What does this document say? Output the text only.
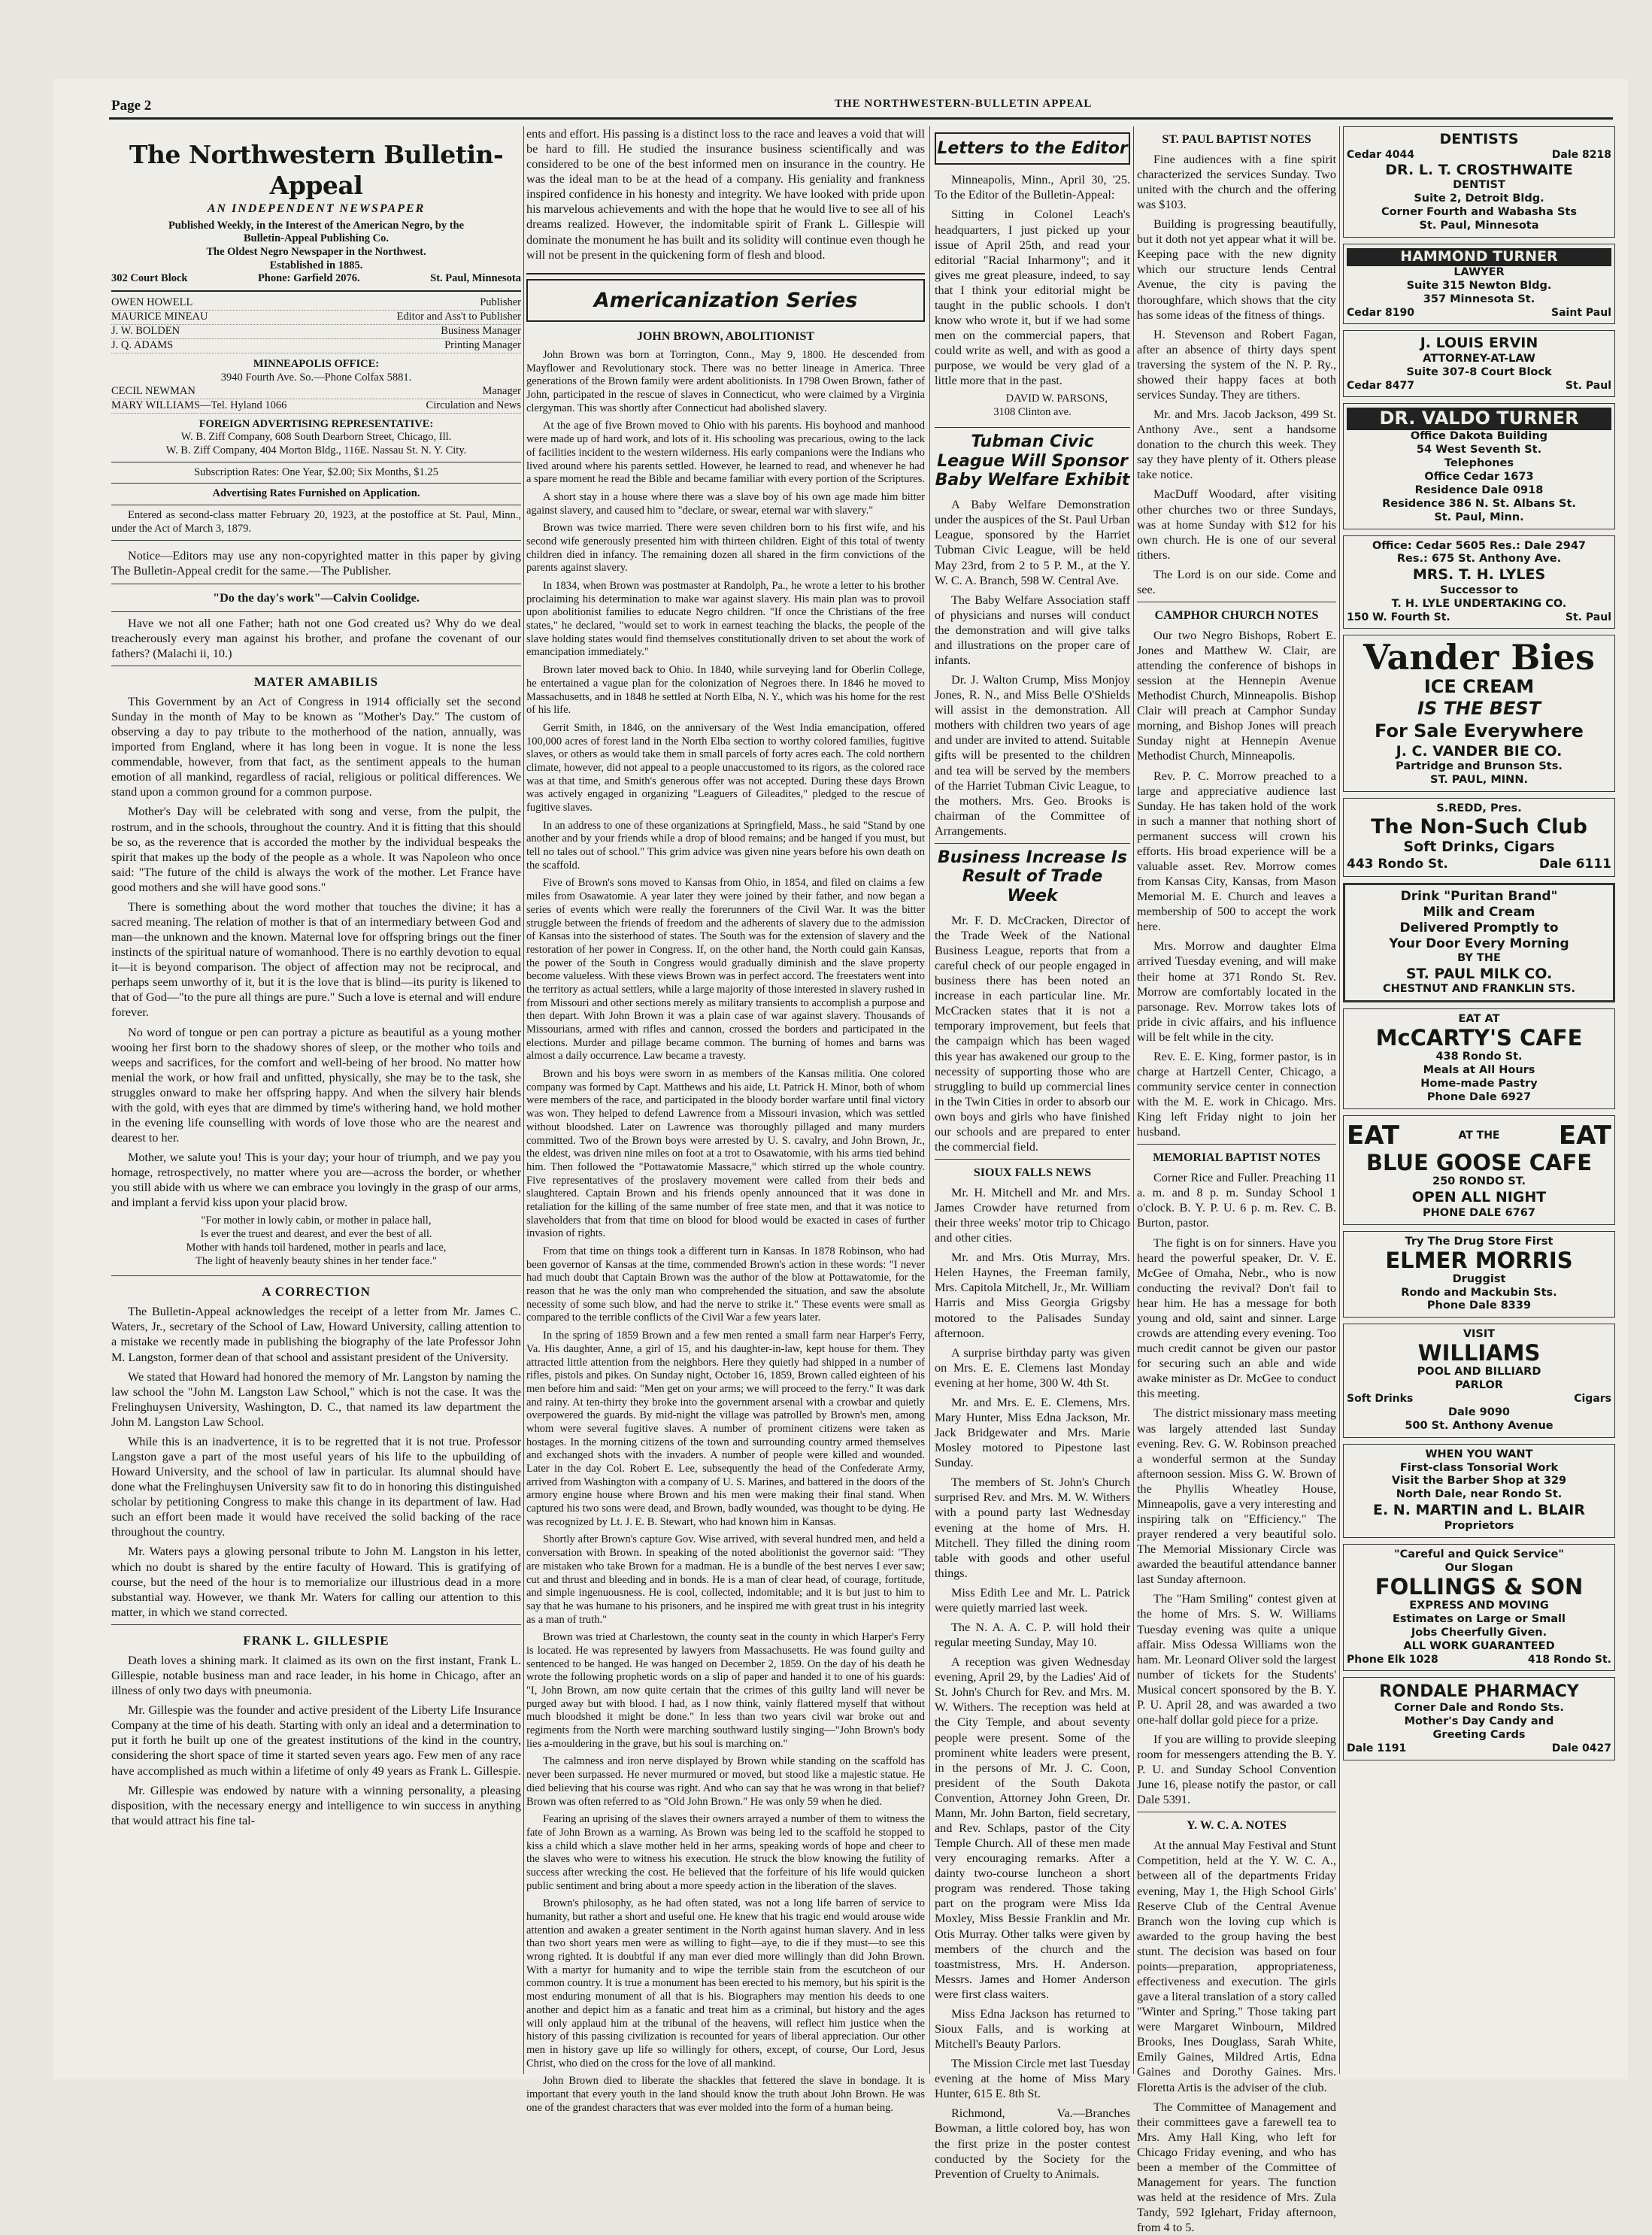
Page 2	THE NORTHWESTERN-BULLETIN APPEAL
The Northwestern Bulletin-Appeal
AN INDEPENDENT NEWSPAPER
Published Weekly, in the Interest of the American Negro, by the
Bulletin-Appeal Publishing Co.
The Oldest Negro Newspaper in the Northwest.
Established in 1885.
302 Court Block	Phone: Garfield 2076.	St. Paul, Minnesota
OWEN HOWELL	Publisher
MAURICE MINEAU	Editor and Ass't to Publisher
J. W. BOLDEN	Business Manager
J. Q. ADAMS	Printing Manager
MINNEAPOLIS OFFICE:
3940 Fourth Ave. So.—Phone Colfax 5881.
CECIL NEWMAN	Manager
MARY WILLIAMS—Tel. Hyland 1066	Circulation and News
FOREIGN ADVERTISING REPRESENTATIVE:
W. B. Ziff Company, 608 South Dearborn Street, Chicago, Ill.
W. B. Ziff Company, 404 Morton Bldg., 116E. Nassau St. N. Y. City.
Subscription Rates: One Year, $2.00; Six Months, $1.25
Advertising Rates Furnished on Application.

Entered as second-class matter February 20, 1923, at the postoffice at St. Paul, Minn., under the Act of March 3, 1879.

Notice—Editors may use any non-copyrighted matter in this paper by giving The Bulletin-Appeal credit for the same.—The Publisher.

"Do the day's work"—Calvin Coolidge.

Have we not all one Father; hath not one God created us? Why do we deal treacherously every man against his brother, and profane the covenant of our fathers? (Malachi ii, 10.)

MATER AMABILIS

This Government by an Act of Congress in 1914 officially set the second Sunday in the month of May to be known as "Mother's Day." The custom of observing a day to pay tribute to the motherhood of the nation, annually, was imported from England, where it has long been in vogue. It is none the less commendable, however, from that fact, as the sentiment appeals to the human emotion of all mankind, regardless of racial, religious or political differences. We stand upon a common ground for a common purpose.

Mother's Day will be celebrated with song and verse, from the pulpit, the rostrum, and in the schools, throughout the country. And it is fitting that this should be so, as the reverence that is accorded the mother by the individual bespeaks the spirit that makes up the body of the people as a whole. It was Napoleon who once said: "The future of the child is always the work of the mother. Let France have good mothers and she will have good sons."

There is something about the word mother that touches the divine; it has a sacred meaning. The relation of mother is that of an intermediary between God and man—the unknown and the known. Maternal love for offspring brings out the finer instincts of the spiritual nature of womanhood. There is no earthly devotion to equal it—it is beyond comparison. The object of affection may not be reciprocal, and perhaps seem unworthy of it, but it is the love that is blind—its purity is likened to that of God—"to the pure all things are pure." Such a love is eternal and will endure forever.

No word of tongue or pen can portray a picture as beautiful as a young mother wooing her first born to the shadowy shores of sleep, or the mother who toils and weeps and sacrifices, for the comfort and well-being of her brood. No matter how menial the work, or how frail and unfitted, physically, she may be to the task, she struggles onward to make her offspring happy. And when the silvery hair blends with the gold, with eyes that are dimmed by time's withering hand, we hold mother in the evening life counselling with words of love those who are the nearest and dearest to her.

Mother, we salute you! This is your day; your hour of triumph, and we pay you homage, retrospectively, no matter where you are—across the border, or whether you still abide with us where we can embrace you lovingly in the grasp of our arms, and implant a fervid kiss upon your placid brow.

"For mother in lowly cabin, or mother in palace hall,
Is ever the truest and dearest, and ever the best of all.
Mother with hands toil hardened, mother in pearls and lace,
The light of heavenly beauty shines in her tender face."
A CORRECTION

The Bulletin-Appeal acknowledges the receipt of a letter from Mr. James C. Waters, Jr., secretary of the School of Law, Howard University, calling attention to a mistake we recently made in publishing the biography of the late Professor John M. Langston, former dean of that school and assistant president of the University.

We stated that Howard had honored the memory of Mr. Langston by naming the law school the "John M. Langston Law School," which is not the case. It was the Frelinghuysen University, Washington, D. C., that named its law department the John M. Langston Law School.

While this is an inadvertence, it is to be regretted that it is not true. Professor Langston gave a part of the most useful years of his life to the upbuilding of Howard University, and the school of law in particular. Its alumnal should have done what the Frelinghuysen University saw fit to do in honoring this distinguished scholar by petitioning Congress to make this change in its department of law. Had such an effort been made it would have received the solid backing of the race throughout the country.

Mr. Waters pays a glowing personal tribute to John M. Langston in his letter, which no doubt is shared by the entire faculty of Howard. This is gratifying of course, but the need of the hour is to memorialize our illustrious dead in a more substantial way. However, we thank Mr. Waters for calling our attention to this matter, in which we stand corrected.

FRANK L. GILLESPIE

Death loves a shining mark. It claimed as its own on the first instant, Frank L. Gillespie, notable business man and race leader, in his home in Chicago, after an illness of only two days with pneumonia.

Mr. Gillespie was the founder and active president of the Liberty Life Insurance Company at the time of his death. Starting with only an ideal and a determination to put it forth he built up one of the greatest institutions of the kind in the country, considering the short space of time it started seven years ago. Few men of any race have accomplished as much within a lifetime of only 49 years as Frank L. Gillespie.

Mr. Gillespie was endowed by nature with a winning personality, a pleasing disposition, with the necessary energy and intelligence to win success in anything that would attract his fine tal-

ents and effort. His passing is a distinct loss to the race and leaves a void that will be hard to fill. He studied the insurance business scientifically and was considered to be one of the best informed men on insurance in the country. He was the ideal man to be at the head of a company. His geniality and frankness inspired confidence in his honesty and integrity. We have looked with pride upon his marvelous achievements and with the hope that he would live to see all of his dreams realized. However, the indomitable spirit of Frank L. Gillespie will dominate the monument he has built and its solidity will continue even though he will not be present in the quickening form of flesh and blood.

Americanization Series
JOHN BROWN, ABOLITIONIST

John Brown was born at Torrington, Conn., May 9, 1800. He descended from Mayflower and Revolutionary stock. There was no better lineage in America. Three generations of the Brown family were ardent abolitionists. In 1798 Owen Brown, father of John, participated in the rescue of slaves in Connecticut, who were claimed by a Virginia clergyman. This was shortly after Connecticut had abolished slavery.

At the age of five Brown moved to Ohio with his parents. His boyhood and manhood were made up of hard work, and lots of it. His schooling was precarious, owing to the lack of facilities incident to the western wilderness. His early companions were the Indians who lived around where his parents settled. However, he learned to read, and whenever he had a spare moment he read the Bible and became familiar with every portion of the Scriptures.

A short stay in a house where there was a slave boy of his own age made him bitter against slavery, and caused him to "declare, or swear, eternal war with slavery."

Brown was twice married. There were seven children born to his first wife, and his second wife generously presented him with thirteen children. Eight of this total of twenty children died in infancy. The remaining dozen all shared in the firm convictions of the parents against slavery.

In 1834, when Brown was postmaster at Randolph, Pa., he wrote a letter to his brother proclaiming his determination to make war against slavery. His main plan was to provoil upon abolitionist families to educate Negro children. "If once the Christians of the free states," he declared, "would set to work in earnest teaching the blacks, the people of the slave holding states would find themselves constitutionally driven to set about the work of emancipation immediately."

Brown later moved back to Ohio. In 1840, while surveying land for Oberlin College, he entertained a vague plan for the colonization of Negroes there. In 1846 he moved to Massachusetts, and in 1848 he settled at North Elba, N. Y., which was his home for the rest of his life.

Gerrit Smith, in 1846, on the anniversary of the West India emancipation, offered 100,000 acres of forest land in the North Elba section to worthy colored families, fugitive slaves, or others as would take them in small parcels of forty acres each. The cold northern climate, however, did not appeal to a people unaccustomed to its rigors, as the colored race was at that time, and Smith's generous offer was not accepted. During these days Brown was actively engaged in organizing "Leaguers of Gileadites," pledged to the rescue of fugitive slaves.

In an address to one of these organizations at Springfield, Mass., he said "Stand by one another and by your friends while a drop of blood remains; and be hanged if you must, but tell no tales out of school." This grim advice was given nine years before his own death on the scaffold.

Five of Brown's sons moved to Kansas from Ohio, in 1854, and filed on claims a few miles from Osawatomie. A year later they were joined by their father, and now began a series of events which were really the forerunners of the Civil War. It was the bitter struggle between the friends of freedom and the adherents of slavery due to the admission of Kansas into the sisterhood of states. The South was for the extension of slavery and the restoration of her power in Congress. If, on the other hand, the North could gain Kansas, the power of the South in Congress would gradually diminish and the slave property become valueless. With these views Brown was in perfect accord. The freestaters went into the territory as actual settlers, while a large majority of those interested in slavery rushed in from Missouri and other sections merely as military transients to accomplish a purpose and then depart. With John Brown it was a plain case of war against slavery. Thousands of Missourians, armed with rifles and cannon, crossed the borders and participated in the elections. Murder and pillage became common. The burning of homes and barns was almost a daily occurrence. Law became a travesty.

Brown and his boys were sworn in as members of the Kansas militia. One colored company was formed by Capt. Matthews and his aide, Lt. Patrick H. Minor, both of whom were members of the race, and participated in the bloody border warfare until final victory was won. They helped to defend Lawrence from a Missouri invasion, which was settled without bloodshed. Later on Lawrence was thoroughly pillaged and many murders committed. Two of the Brown boys were arrested by U. S. cavalry, and John Brown, Jr., the eldest, was driven nine miles on foot at a trot to Osawatomie, with his arms tied behind him. Then followed the "Pottawatomie Massacre," which stirred up the whole country. Five representatives of the proslavery movement were called from their beds and slaughtered. Captain Brown and his friends openly announced that it was done in retaliation for the killing of the same number of free state men, and that it was notice to slaveholders that from that time on blood for blood would be exacted in cases of further invasion of rights.

From that time on things took a different turn in Kansas. In 1878 Robinson, who had been governor of Kansas at the time, commended Brown's action in these words: "I never had much doubt that Captain Brown was the author of the blow at Pottawatomie, for the reason that he was the only man who comprehended the situation, and saw the absolute necessity of some such blow, and had the nerve to strike it." These events were small as compared to the terrible conflicts of the Civil War a few years later.

In the spring of 1859 Brown and a few men rented a small farm near Harper's Ferry, Va. His daughter, Anne, a girl of 15, and his daughter-in-law, kept house for them. They attracted little attention from the neighbors. Here they quietly had shipped in a number of rifles, pistols and pikes. On Sunday night, October 16, 1859, Brown called eighteen of his men before him and said: "Men get on your arms; we will proceed to the ferry." It was dark and rainy. At ten-thirty they broke into the government arsenal with a crowbar and quietly overpowered the guards. By mid-night the village was patrolled by Brown's men, among whom were several fugitive slaves. A number of prominent citizens were taken as hostages. In the morning citizens of the town and surrounding country armed themselves and exchanged shots with the invaders. A number of people were killed and wounded. Later in the day Col. Robert E. Lee, subsequently the head of the Confederate Army, arrived from Washington with a company of U. S. Marines, and battered in the doors of the armory engine house where Brown and his men were making their final stand. When captured his two sons were dead, and Brown, badly wounded, was thought to be dying. He was recognized by Lt. J. E. B. Stewart, who had known him in Kansas.

Shortly after Brown's capture Gov. Wise arrived, with several hundred men, and held a conversation with Brown. In speaking of the noted abolitionist the governor said: "They are mistaken who take Brown for a madman. He is a bundle of the best nerves I ever saw; cut and thrust and bleeding and in bonds. He is a man of clear head, of courage, fortitude, and simple ingenuousness. He is cool, collected, indomitable; and it is but just to him to say that he was humane to his prisoners, and he inspired me with great trust in his integrity as a man of truth."

Brown was tried at Charlestown, the county seat in the county in which Harper's Ferry is located. He was represented by lawyers from Massachusetts. He was found guilty and sentenced to be hanged. He was hanged on December 2, 1859. On the day of his death he wrote the following prophetic words on a slip of paper and handed it to one of his guards: "I, John Brown, am now quite certain that the crimes of this guilty land will never be purged away but with blood. I had, as I now think, vainly flattered myself that without much bloodshed it might be done." In less than two years civil war broke out and regiments from the North were marching southward lustily singing—"John Brown's body lies a-mouldering in the grave, but his soul is marching on."

The calmness and iron nerve displayed by Brown while standing on the scaffold has never been surpassed. He never murmured or moved, but stood like a majestic statue. He died believing that his course was right. And who can say that he was wrong in that belief? Brown was often referred to as "Old John Brown." He was only 59 when he died.

Fearing an uprising of the slaves their owners arrayed a number of them to witness the fate of John Brown as a warning. As Brown was being led to the scaffold he stopped to kiss a child which a slave mother held in her arms, speaking words of hope and cheer to the slaves who were to witness his execution. He struck the blow knowing the futility of success after wrecking the cost. He believed that the forfeiture of his life would quicken public sentiment and bring about a more speedy action in the liberation of the slaves.

Brown's philosophy, as he had often stated, was not a long life barren of service to humanity, but rather a short and useful one. He knew that his tragic end would arouse wide attention and awaken a greater sentiment in the North against human slavery. And in less than two short years men were as willing to fight—aye, to die if they must—to see this wrong righted. It is doubtful if any man ever died more willingly than did John Brown. With a martyr for humanity and to wipe the terrible stain from the escutcheon of our common country. It is true a monument has been erected to his memory, but his spirit is the most enduring monument of all that is his. Biographers may mention his deeds to one another and depict him as a fanatic and treat him as a criminal, but history and the ages will only applaud him at the tribunal of the heavens, will reflect him justice when the history of this passing civilization is recounted for years of liberal appreciation. Our other men in history gave up life so willingly for others, except, of course, Our Lord, Jesus Christ, who died on the cross for the love of all mankind.

John Brown died to liberate the shackles that fettered the slave in bondage. It is important that every youth in the land should know the truth about John Brown. He was one of the grandest characters that was ever molded into the form of a human being.

Letters to the Editor

Minneapolis, Minn., April 30, '25. To the Editor of the Bulletin-Appeal:

Sitting in Colonel Leach's headquarters, I just picked up your issue of April 25th, and read your editorial "Racial Inharmony"; and it gives me great pleasure, indeed, to say that I think your editorial might be taught in the public schools. I don't know who wrote it, but if we had some men on the commercial papers, that could write as well, and with as good a purpose, we would be very glad of a little more that in the past.

DAVID W. PARSONS,
3108 Clinton ave.
Tubman Civic League Will Sponsor Baby Welfare Exhibit

A Baby Welfare Demonstration under the auspices of the St. Paul Urban League, sponsored by the Harriet Tubman Civic League, will be held May 23rd, from 2 to 5 P. M., at the Y. W. C. A. Branch, 598 W. Central Ave.

The Baby Welfare Association staff of physicians and nurses will conduct the demonstration and will give talks and illustrations on the proper care of infants.

Dr. J. Walton Crump, Miss Monjoy Jones, R. N., and Miss Belle O'Shields will assist in the demonstration. All mothers with children two years of age and under are invited to attend. Suitable gifts will be presented to the children and tea will be served by the members of the Harriet Tubman Civic League, to the mothers. Mrs. Geo. Brooks is chairman of the Committee of Arrangements.

Business Increase Is Result of Trade Week

Mr. F. D. McCracken, Director of the Trade Week of the National Business League, reports that from a careful check of our people engaged in business there has been noted an increase in each particular line. Mr. McCracken states that it is not a temporary improvement, but feels that the campaign which has been waged this year has awakened our group to the necessity of supporting those who are struggling to build up commercial lines in the Twin Cities in order to absorb our own boys and girls who have finished our schools and are prepared to enter the commercial field.

SIOUX FALLS NEWS

Mr. H. Mitchell and Mr. and Mrs. James Crowder have returned from their three weeks' motor trip to Chicago and other cities.

Mr. and Mrs. Otis Murray, Mrs. Helen Haynes, the Freeman family, Mrs. Capitola Mitchell, Jr., Mr. William Harris and Miss Georgia Grigsby motored to the Palisades Sunday afternoon.

A surprise birthday party was given on Mrs. E. E. Clemens last Monday evening at her home, 300 W. 4th St.

Mr. and Mrs. E. E. Clemens, Mrs. Mary Hunter, Miss Edna Jackson, Mr. Jack Bridgewater and Mrs. Marie Mosley motored to Pipestone last Sunday.

The members of St. John's Church surprised Rev. and Mrs. M. W. Withers with a pound party last Wednesday evening at the home of Mrs. H. Mitchell. They filled the dining room table with goods and other useful things.

Miss Edith Lee and Mr. L. Patrick were quietly married last week.

The N. A. A. C. P. will hold their regular meeting Sunday, May 10.

A reception was given Wednesday evening, April 29, by the Ladies' Aid of St. John's Church for Rev. and Mrs. M. W. Withers. The reception was held at the City Temple, and about seventy people were present. Some of the prominent white leaders were present, in the persons of Mr. J. C. Coon, president of the South Dakota Convention, Attorney John Green, Dr. Mann, Mr. John Barton, field secretary, and Rev. Schlaps, pastor of the City Temple Church. All of these men made very encouraging remarks. After a dainty two-course luncheon a short program was rendered. Those taking part on the program were Miss Ida Moxley, Miss Bessie Franklin and Mr. Otis Murray. Other talks were given by members of the church and the toastmistress, Mrs. H. Anderson. Messrs. James and Homer Anderson were first class waiters.

Miss Edna Jackson has returned to Sioux Falls, and is working at Mitchell's Beauty Parlors.

The Mission Circle met last Tuesday evening at the home of Miss Mary Hunter, 615 E. 8th St.

Richmond, Va.—Branches Bowman, a little colored boy, has won the first prize in the poster contest conducted by the Society for the Prevention of Cruelty to Animals.

ST. PAUL BAPTIST NOTES

Fine audiences with a fine spirit characterized the services Sunday. Two united with the church and the offering was $103.

Building is progressing beautifully, but it doth not yet appear what it will be. Keeping pace with the new dignity which our structure lends Central Avenue, the city is paving the thoroughfare, which shows that the city has some ideas of the fitness of things.

H. Stevenson and Robert Fagan, after an absence of thirty days spent traversing the system of the N. P. Ry., showed their happy faces at both services Sunday. They are tithers.

Mr. and Mrs. Jacob Jackson, 499 St. Anthony Ave., sent a handsome donation to the church this week. They say they have plenty of it. Others please take notice.

MacDuff Woodard, after visiting other churches two or three Sundays, was at home Sunday with $12 for his own church. He is one of our several tithers.

The Lord is on our side. Come and see.

CAMPHOR CHURCH NOTES

Our two Negro Bishops, Robert E. Jones and Matthew W. Clair, are attending the conference of bishops in session at the Hennepin Avenue Methodist Church, Minneapolis. Bishop Clair will preach at Camphor Sunday morning, and Bishop Jones will preach Sunday night at Hennepin Avenue Methodist Church, Minneapolis.

Rev. P. C. Morrow preached to a large and appreciative audience last Sunday. He has taken hold of the work in such a manner that nothing short of permanent success will crown his efforts. His broad experience will be a valuable asset. Rev. Morrow comes from Kansas City, Kansas, from Mason Memorial M. E. Church and leaves a membership of 500 to accept the work here.

Mrs. Morrow and daughter Elma arrived Tuesday evening, and will make their home at 371 Rondo St. Rev. Morrow are comfortably located in the parsonage. Rev. Morrow takes lots of pride in civic affairs, and his influence will be felt while in the city.

Rev. E. E. King, former pastor, is in charge at Hartzell Center, Chicago, a community service center in connection with the M. E. work in Chicago. Mrs. King left Friday night to join her husband.

MEMORIAL BAPTIST NOTES

Corner Rice and Fuller. Preaching 11 a. m. and 8 p. m. Sunday School 1 o'clock. B. Y. P. U. 6 p. m. Rev. C. B. Burton, pastor.

The fight is on for sinners. Have you heard the powerful speaker, Dr. V. E. McGee of Omaha, Nebr., who is now conducting the revival? Don't fail to hear him. He has a message for both young and old, saint and sinner. Large crowds are attending every evening. Too much credit cannot be given our pastor for securing such an able and wide awake minister as Dr. McGee to conduct this meeting.

The district missionary mass meeting was largely attended last Sunday evening. Rev. G. W. Robinson preached a wonderful sermon at the Sunday afternoon session. Miss G. W. Brown of the Phyllis Wheatley House, Minneapolis, gave a very interesting and inspiring talk on "Efficiency." The prayer rendered a very beautiful solo. The Memorial Missionary Circle was awarded the beautiful attendance banner last Sunday afternoon.

The "Ham Smiling" contest given at the home of Mrs. S. W. Williams Tuesday evening was quite a unique affair. Miss Odessa Williams won the ham. Mr. Leonard Oliver sold the largest number of tickets for the Students' Musical concert sponsored by the B. Y. P. U. April 28, and was awarded a two one-half dollar gold piece for a prize.

If you are willing to provide sleeping room for messengers attending the B. Y. P. U. and Sunday School Convention June 16, please notify the pastor, or call Dale 5391.

Y. W. C. A. NOTES

At the annual May Festival and Stunt Competition, held at the Y. W. C. A., between all of the departments Friday evening, May 1, the High School Girls' Reserve Club of the Central Avenue Branch won the loving cup which is awarded to the group having the best stunt. The decision was based on four points—preparation, appropriateness, effectiveness and execution. The girls gave a literal translation of a story called "Winter and Spring." Those taking part were Margaret Winbourn, Mildred Brooks, Ines Douglass, Sarah White, Emily Gaines, Mildred Artis, Edna Gaines and Dorothy Gaines. Mrs. Floretta Artis is the adviser of the club.

The Committee of Management and their committees gave a farewell tea to Mrs. Amy Hall King, who left for Chicago Friday evening, and who has been a member of the Committee of Management for years. The function was held at the residence of Mrs. Zula Tandy, 592 Iglehart, Friday afternoon, from 4 to 5.

DENTISTS
Cedar 4044	Dale 8218
DR. L. T. CROSTHWAITE
DENTIST
Suite 2, Detroit Bldg.
Corner Fourth and Wabasha Sts
St. Paul, Minnesota
HAMMOND TURNER
LAWYER
Suite 315 Newton Bldg.
357 Minnesota St.
Cedar 8190	Saint Paul
J. LOUIS ERVIN
ATTORNEY-AT-LAW
Suite 307-8 Court Block
Cedar 8477	St. Paul
DR. VALDO TURNER
Office Dakota Building
54 West Seventh St.
Telephones
Office Cedar 1673
Residence Dale 0918
Residence 386 N. St. Albans St.
St. Paul, Minn.
Office: Cedar 5605 Res.: Dale 2947
Res.: 675 St. Anthony Ave.
MRS. T. H. LYLES
Successor to
T. H. LYLE UNDERTAKING CO.
150 W. Fourth St.	St. Paul
Vander Bies
ICE CREAM
IS THE BEST
For Sale Everywhere
J. C. VANDER BIE CO.
Partridge and Brunson Sts.
ST. PAUL, MINN.
S.REDD, Pres.
The Non-Such Club
Soft Drinks, Cigars
443 Rondo St.	Dale 6111
Drink "Puritan Brand"
Milk and Cream
Delivered Promptly to
Your Door Every Morning
BY THE
ST. PAUL MILK CO.
CHESTNUT AND FRANKLIN STS.
EAT AT
McCARTY'S CAFE
438 Rondo St.
Meals at All Hours
Home-made Pastry
Phone Dale 6927
EAT	AT THE EAT
BLUE GOOSE CAFE
250 RONDO ST.
OPEN ALL NIGHT
PHONE DALE 6767
Try The Drug Store First
ELMER MORRIS
Druggist
Rondo and Mackubin Sts.
Phone Dale 8339
VISIT
WILLIAMS
POOL AND BILLIARD
PARLOR
Soft Drinks	Cigars
Dale 9090
500 St. Anthony Avenue
WHEN YOU WANT
First-class Tonsorial Work
Visit the Barber Shop at 329
North Dale, near Rondo St.
E. N. MARTIN and L. BLAIR
Proprietors
"Careful and Quick Service"
Our Slogan
FOLLINGS & SON
EXPRESS AND MOVING
Estimates on Large or Small
Jobs Cheerfully Given.
ALL WORK GUARANTEED
Phone Elk 1028	418 Rondo St.
RONDALE PHARMACY
Corner Dale and Rondo Sts.
Mother's Day Candy and
Greeting Cards
Dale 1191	Dale 0427
